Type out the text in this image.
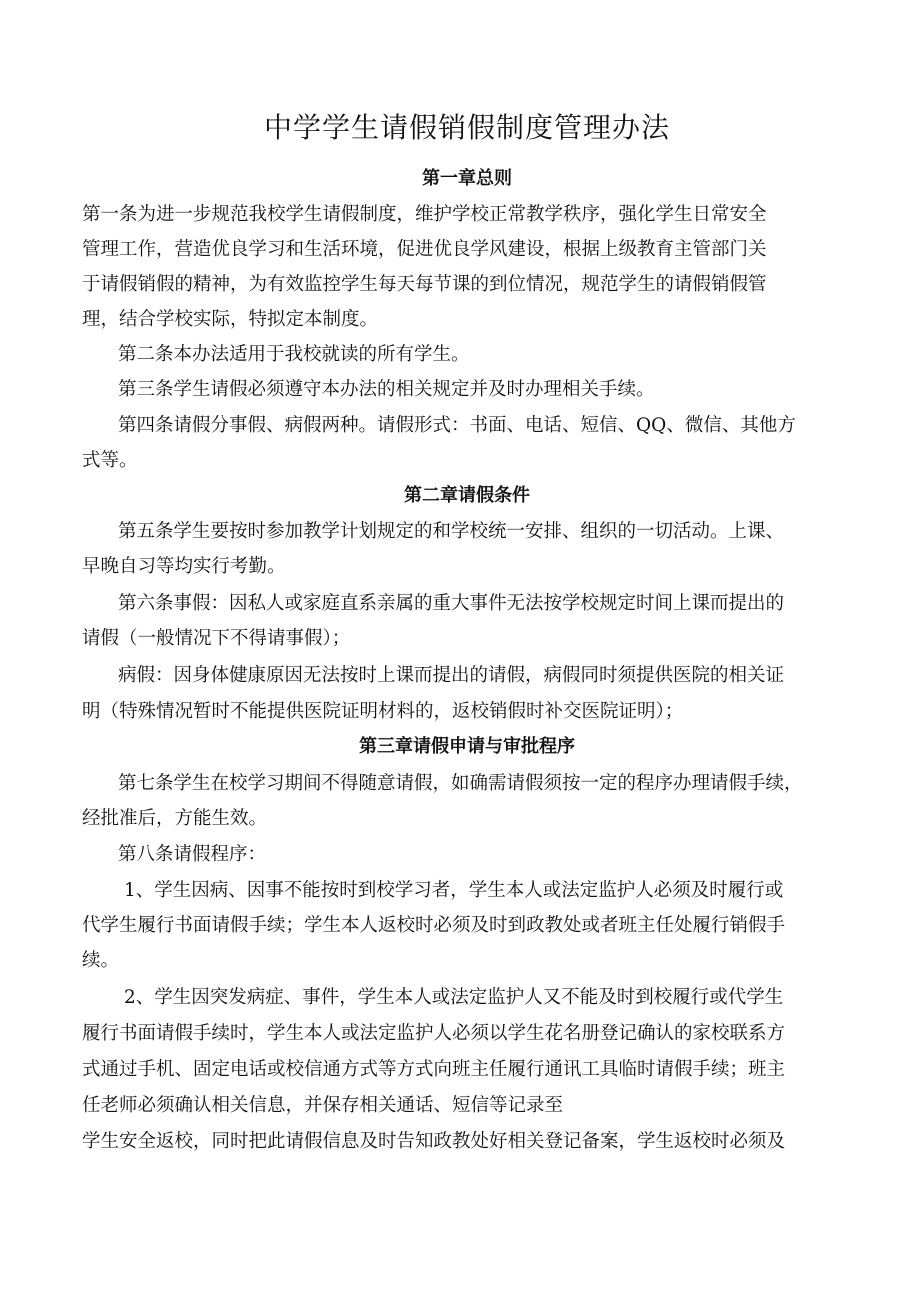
中学学生请假销假制度管理办法
第一章总则
第一条为进一步规范我校学生请假制度，维护学校正常教学秩序，强化学生日常安全
管理工作，营造优良学习和生活环境，促进优良学风建设，根据上级教育主管部门关
于请假销假的精神，为有效监控学生每天每节课的到位情况，规范学生的请假销假管
理，结合学校实际，特拟定本制度。
第二条本办法适用于我校就读的所有学生。
第三条学生请假必须遵守本办法的相关规定并及时办理相关手续。
第四条请假分事假、病假两种。请假形式：书面、电话、短信、QQ、微信、其他方
式等。
第二章请假条件
第五条学生要按时参加教学计划规定的和学校统一安排、组织的一切活动。上课、
早晚自习等均实行考勤。
第六条事假：因私人或家庭直系亲属的重大事件无法按学校规定时间上课而提出的
请假（一般情况下不得请事假）；
病假：因身体健康原因无法按时上课而提出的请假，病假同时须提供医院的相关证
明（特殊情况暂时不能提供医院证明材料的，返校销假时补交医院证明）；
第三章请假申请与审批程序
第七条学生在校学习期间不得随意请假，如确需请假须按一定的程序办理请假手续，
经批准后，方能生效。
第八条请假程序：
1、学生因病、因事不能按时到校学习者，学生本人或法定监护人必须及时履行或
代学生履行书面请假手续；学生本人返校时必须及时到政教处或者班主任处履行销假手
续。
2、学生因突发病症、事件，学生本人或法定监护人又不能及时到校履行或代学生
履行书面请假手续时，学生本人或法定监护人必须以学生花名册登记确认的家校联系方
式通过手机、固定电话或校信通方式等方式向班主任履行通讯工具临时请假手续；班主
任老师必须确认相关信息，并保存相关通话、短信等记录至
学生安全返校，同时把此请假信息及时告知政教处好相关登记备案，学生返校时必须及
